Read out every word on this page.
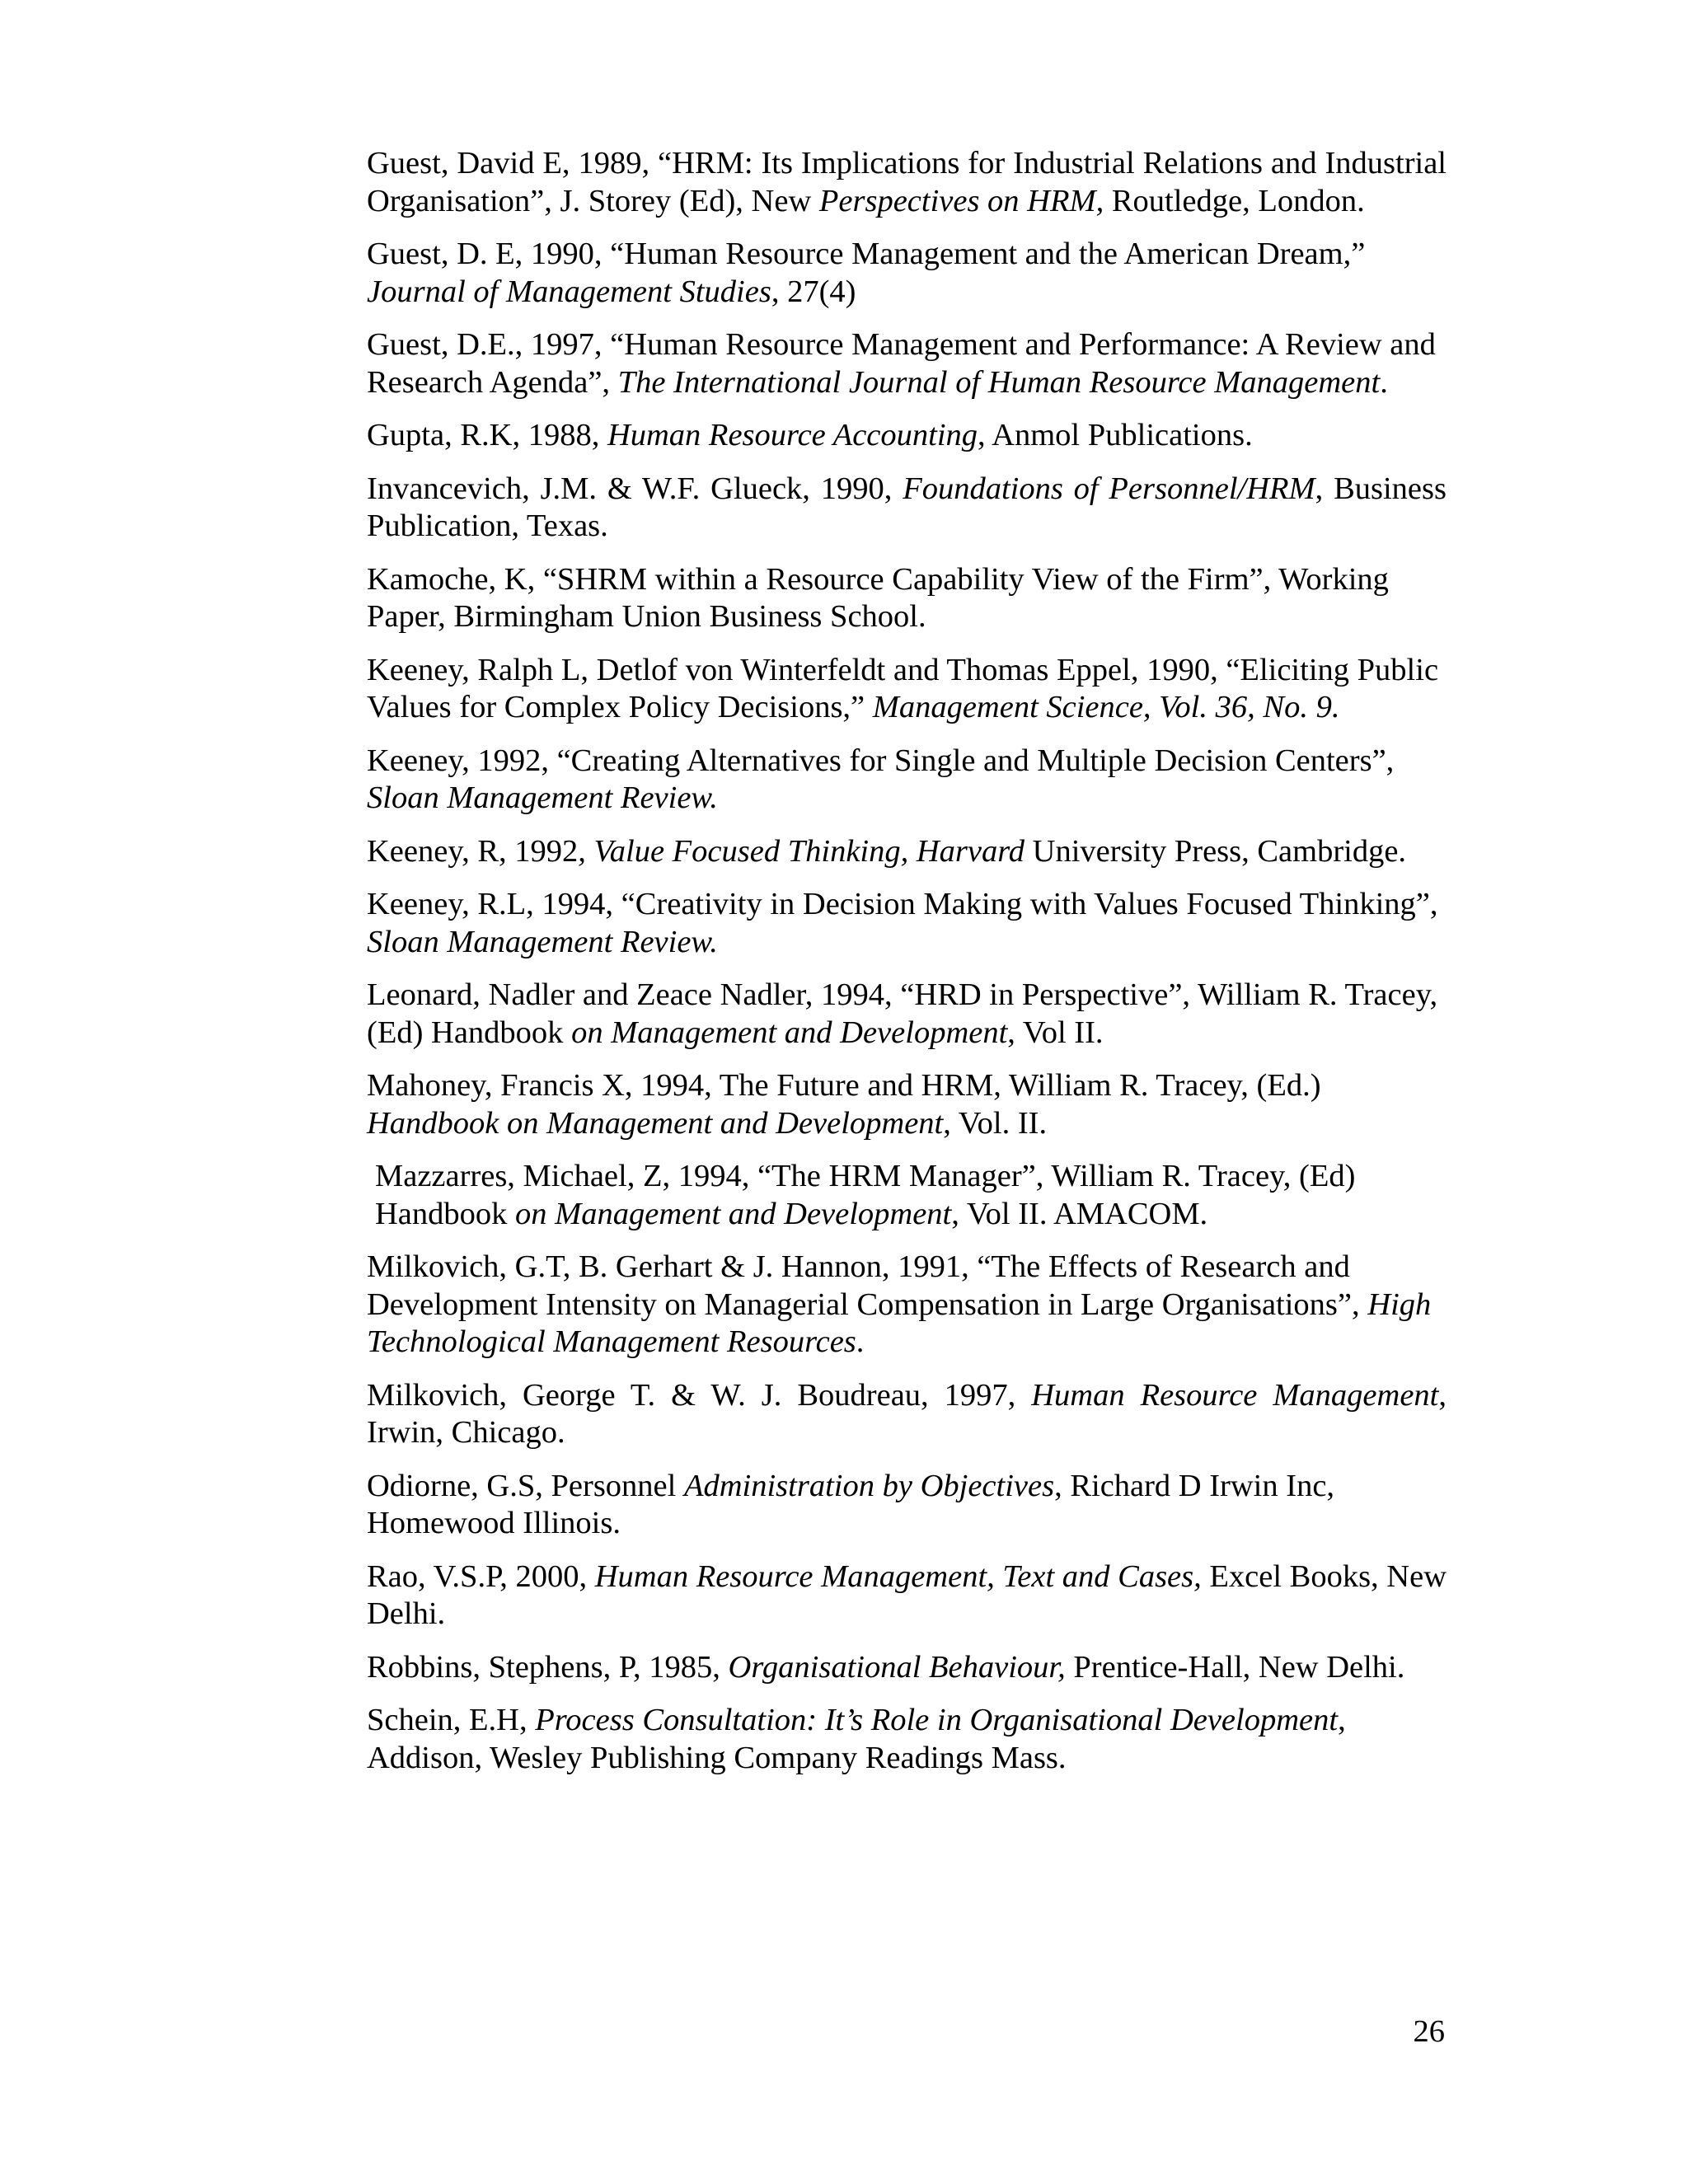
Guest, David E, 1989, “HRM: Its Implications for Industrial Relations and Industrial Organisation”, J. Storey (Ed), New Perspectives on HRM, Routledge, London.

Guest, D. E, 1990, “Human Resource Management and the American Dream,” Journal of Management Studies, 27(4)

Guest, D.E., 1997, “Human Resource Management and Performance: A Review and Research Agenda”, The International Journal of Human Resource Management.

Gupta, R.K, 1988, Human Resource Accounting, Anmol Publications.

Invancevich, J.M. & W.F. Glueck, 1990, Foundations of Personnel/HRM, Business Publication, Texas.

Kamoche, K, “SHRM within a Resource Capability View of the Firm”, Working Paper, Birmingham Union Business School.

Keeney, Ralph L, Detlof von Winterfeldt and Thomas Eppel, 1990, “Eliciting Public Values for Complex Policy Decisions,” Management Science, Vol. 36, No. 9.

Keeney, 1992, “Creating Alternatives for Single and Multiple Decision Centers”, Sloan Management Review.

Keeney, R, 1992, Value Focused Thinking, Harvard University Press, Cambridge.

Keeney, R.L, 1994, “Creativity in Decision Making with Values Focused Thinking”, Sloan Management Review.

Leonard, Nadler and Zeace Nadler, 1994, “HRD in Perspective”, William R. Tracey, (Ed) Handbook on Management and Development, Vol II.

Mahoney, Francis X, 1994, The Future and HRM, William R. Tracey, (Ed.) Handbook on Management and Development, Vol. II.

Mazzarres, Michael, Z, 1994, “The HRM Manager”, William R. Tracey, (Ed) Handbook on Management and Development, Vol II. AMACOM.

Milkovich, G.T, B. Gerhart & J. Hannon, 1991, “The Effects of Research and Development Intensity on Managerial Compensation in Large Organisations”, High Technological Management Resources.

Milkovich, George T. & W. J. Boudreau, 1997, Human Resource Management, Irwin, Chicago.

Odiorne, G.S, Personnel Administration by Objectives, Richard D Irwin Inc, Homewood Illinois.

Rao, V.S.P, 2000, Human Resource Management, Text and Cases, Excel Books, New Delhi.

Robbins, Stephens, P, 1985, Organisational Behaviour, Prentice-Hall, New Delhi.

Schein, E.H, Process Consultation: It’s Role in Organisational Development, Addison, Wesley Publishing Company Readings Mass.

26
